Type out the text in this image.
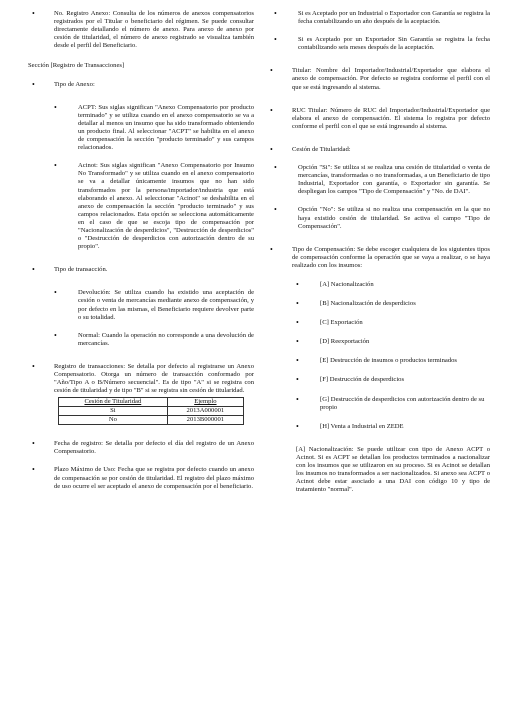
• No. Registro Anexo: Consulta de los números de anexos compensatorios registrados por el Titular o beneficiario del régimen. Se puede consultar directamente detallando el número de anexo. Para anexo de anexo por cesión de titularidad, el número de anexo registrado se visualiza también desde el perfil del Beneficiario.
Sección [Registro de Transacciones]
• Tipo de Anexo:
• ACPT: Sus siglas significan "Anexo Compensatorio por producto terminado" y se utiliza cuando en el anexo compensatorio se va a detallar al menos un insumo que ha sido transformado obteniendo un producto final. Al seleccionar "ACPT" se habilita en el anexo de compensación la sección "producto terminado" y sus campos relacionados.
• Acinot: Sus siglas significan "Anexo Compensatorio por Insumo No Transformado" y se utiliza cuando en el anexo compensatorio se va a detallar únicamente insumos que no han sido transformados por la persona/importador/industria que está elaborando el anexo. Al seleccionar "Acinot" se deshabilita en el anexo de compensación la sección "producto terminado" y sus campos relacionados. Esta opción se selecciona automáticamente en el caso de que se escoja tipo de compensación por "Nacionalización de desperdicios", "Destrucción de desperdicios" o "Destrucción de desperdicios con autorización dentro de su propio".
• Tipo de transacción.
• Devolución: Se utiliza cuando ha existido una aceptación de cesión o venta de mercancías mediante anexo de compensación, y por defecto en las mismas, el Beneficiario requiere devolver parte o su totalidad.
• Normal: Cuando la operación no corresponde a una devolución de mercancías.
• Registro de transacciones: Se detalla por defecto al registrarse un Anexo Compensatorio. Otorga un número de transacción conformado por "Año/Tipo A o B/Número secuencial". Es de tipo "A" si se registra con cesión de titularidad y de tipo "B" si se registra sin cesión de titularidad.
Cesión de Titularidad	Ejemplo
Si	2013A000001
No	2013B000001
• Fecha de registro: Se detalla por defecto el día del registro de un Anexo Compensatorio.
• Plazo Máximo de Uso: Fecha que se registra por defecto cuando un anexo de compensación se por cesión de titularidad. El registro del plazo máximo de uso ocurre el ser aceptado el anexo de compensación por el beneficiario.
• Si es Aceptado por un Industrial o Exportador con Garantía se registra la fecha contabilizando un año después de la aceptación.
• Si es Aceptado por un Exportador Sin Garantía se registra la fecha contabilizando seis meses después de la aceptación.
• Titular: Nombre del Importador/Industrial/Exportador que elabora el anexo de compensación. Por defecto se registra conforme el perfil con el que se está ingresando al sistema.
• RUC Titular: Número de RUC del Importador/Industrial/Exportador que elabora el anexo de compensación. El sistema lo registra por defecto conforme el perfil con el que se está ingresando al sistema.
• Cesión de Titularidad:
• Opción "Si": Se utiliza si se realiza una cesión de titularidad o venta de mercancías, transformadas o no transformadas, a un Beneficiario de tipo Industrial, Exportador con garantía, o Exportador sin garantía. Se despliegan los campos "Tipo de Compensación" y "No. de DAI".
• Opción "No": Se utiliza si no realiza una compensación en la que no haya existido cesión de titularidad. Se activa el campo "Tipo de Compensación".
• Tipo de Compensación: Se debe escoger cualquiera de los siguientes tipos de compensación conforme la operación que se vaya a realizar, o se haya realizado con los insumos:
• [A] Nacionalización
• [B] Nacionalización de desperdicios
• [C] Exportación
• [D] Reexportación
• [E] Destrucción de insumos o productos terminados
• [F] Destrucción de desperdicios
• [G] Destrucción de desperdicios con autorización dentro de su propio
• [H] Venta a Industrial en ZEDE
[A] Nacionalización: Se puede utilizar con tipo de Anexo ACPT o Acinot. Si es ACPT se detallan los productos terminados a nacionalizar con los insumos que se utilizaron en su proceso. Si es Acinot se detallan los insumos no transformados a ser nacionalizados. Si anexo sea ACPT o Acinot debe estar asociado a una DAI con código 10 y tipo de tratamiento "normal".
